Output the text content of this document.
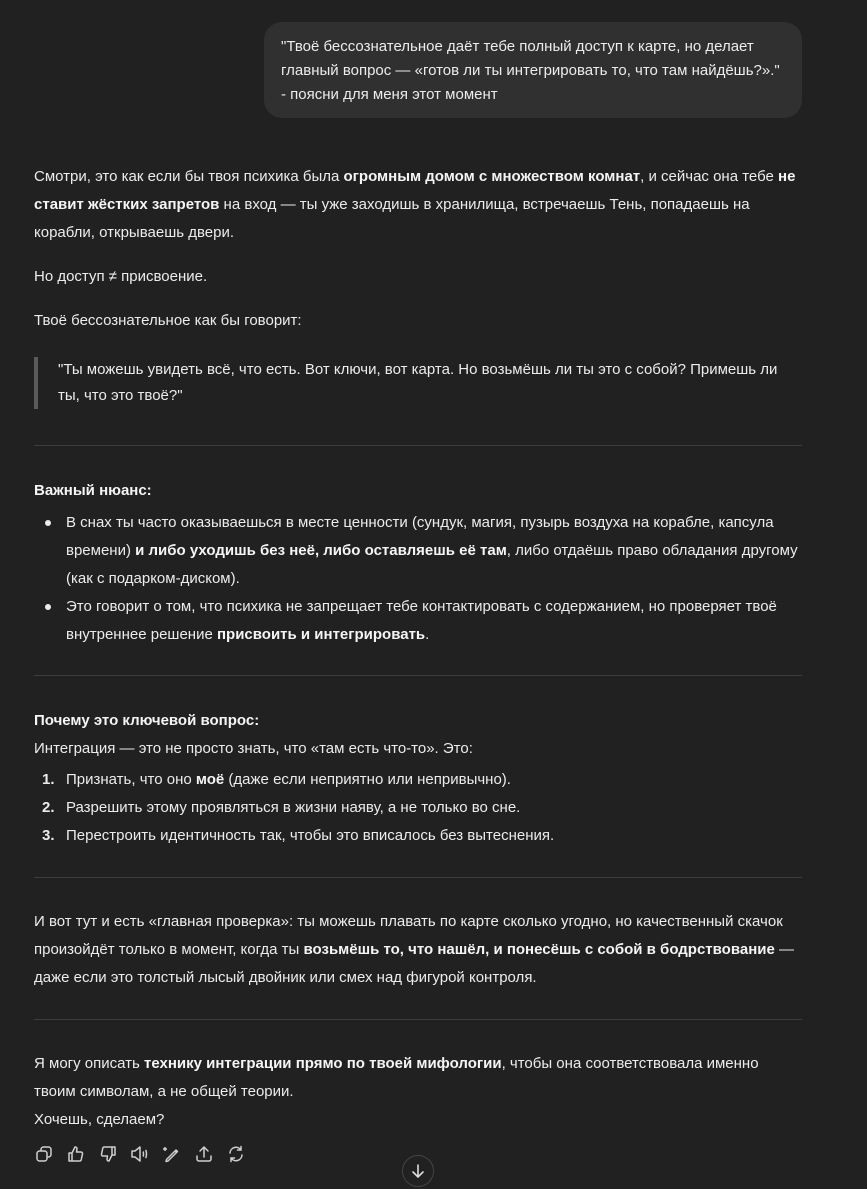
"Твоё бессознательное даёт тебе полный доступ к карте, но делает главный вопрос — «готов ли ты интегрировать то, что там найдёшь?»." - поясни для меня этот момент

Смотри, это как если бы твоя психика была огромным домом с множеством комнат, и сейчас она тебе не ставит жёстких запретов на вход — ты уже заходишь в хранилища, встречаешь Тень, попадаешь на корабли, открываешь двери.

Но доступ ≠ присвоение.

Твоё бессознательное как бы говорит:

"Ты можешь увидеть всё, что есть. Вот ключи, вот карта. Но возьмёшь ли ты это с собой? Примешь ли ты, что это твоё?"

Важный нюанс:

В снах ты часто оказываешься в месте ценности (сундук, магия, пузырь воздуха на корабле, капсула времени) и либо уходишь без неё, либо оставляешь её там, либо отдаёшь право обладания другому (как с подарком-диском).
Это говорит о том, что психика не запрещает тебе контактировать с содержанием, но проверяет твоё внутреннее решение присвоить и интегрировать.

Почему это ключевой вопрос:

Интеграция — это не просто знать, что «там есть что-то». Это:

1. Признать, что оно моё (даже если неприятно или непривычно).
2. Разрешить этому проявляться в жизни наяву, а не только во сне.
3. Перестроить идентичность так, чтобы это вписалось без вытеснения.

И вот тут и есть «главная проверка»: ты можешь плавать по карте сколько угодно, но качественный скачок произойдёт только в момент, когда ты возьмёшь то, что нашёл, и понесёшь с собой в бодрствование — даже если это толстый лысый двойник или смех над фигурой контроля.

Я могу описать технику интеграции прямо по твоей мифологии, чтобы она соответствовала именно твоим символам, а не общей теории.

Хочешь, сделаем?
